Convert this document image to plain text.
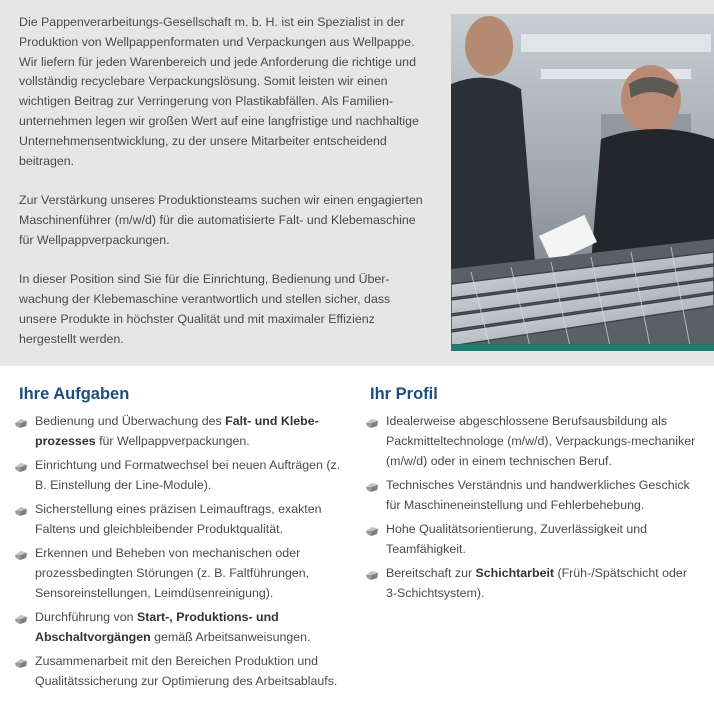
Die Pappenverarbeitungs-Gesellschaft m. b. H. ist ein Spezialist in der Produktion von Wellpappenformaten und Verpackungen aus Wellpappe. Wir liefern für jeden Warenbereich und jede Anforderung die richtige und vollständig recyclebare Verpackungslösung. Somit leisten wir einen wichtigen Beitrag zur Verringerung von Plastikabfällen. Als Familien-unternehmen legen wir großen Wert auf eine langfristige und nachhaltige Unternehmensentwicklung, zu der unsere Mitarbeiter entscheidend beitragen.

Zur Verstärkung unseres Produktionsteams suchen wir einen engagierten Maschinenführer (m/w/d) für die automatisierte Falt- und Klebemaschine für Wellpappverpackungen.

In dieser Position sind Sie für die Einrichtung, Bedienung und Über-wachung der Klebemaschine verantwortlich und stellen sicher, dass unsere Produkte in höchster Qualität und mit maximaler Effizienz hergestellt werden.

Ihre Aufgaben
Bedienung und Überwachung des Falt- und Klebe-prozesses für Wellpappverpackungen.
Einrichtung und Formatwechsel bei neuen Aufträgen (z. B. Einstellung der Line-Module).
Sicherstellung eines präzisen Leimauftrags, exakten Faltens und gleichbleibender Produktqualität.
Erkennen und Beheben von mechanischen oder prozessbedingten Störungen (z. B. Faltführungen, Sensoreinstellungen, Leimdüsenreinigung).
Durchführung von Start-, Produktions- und Abschaltvorgängen gemäß Arbeitsanweisungen.
Zusammenarbeit mit den Bereichen Produktion und Qualitätssicherung zur Optimierung des Arbeitsablaufs.
Ihr Profil
Idealerweise abgeschlossene Berufsausbildung als Packmitteltechnologe (m/w/d), Verpackungs-mechaniker (m/w/d) oder in einem technischen Beruf.
Technisches Verständnis und handwerkliches Geschick für Maschineneinstellung und Fehlerbehebung.
Hohe Qualitätsorientierung, Zuverlässigkeit und Teamfähigkeit.
Bereitschaft zur Schichtarbeit (Früh-/Spätschicht oder 3-Schichtsystem).
